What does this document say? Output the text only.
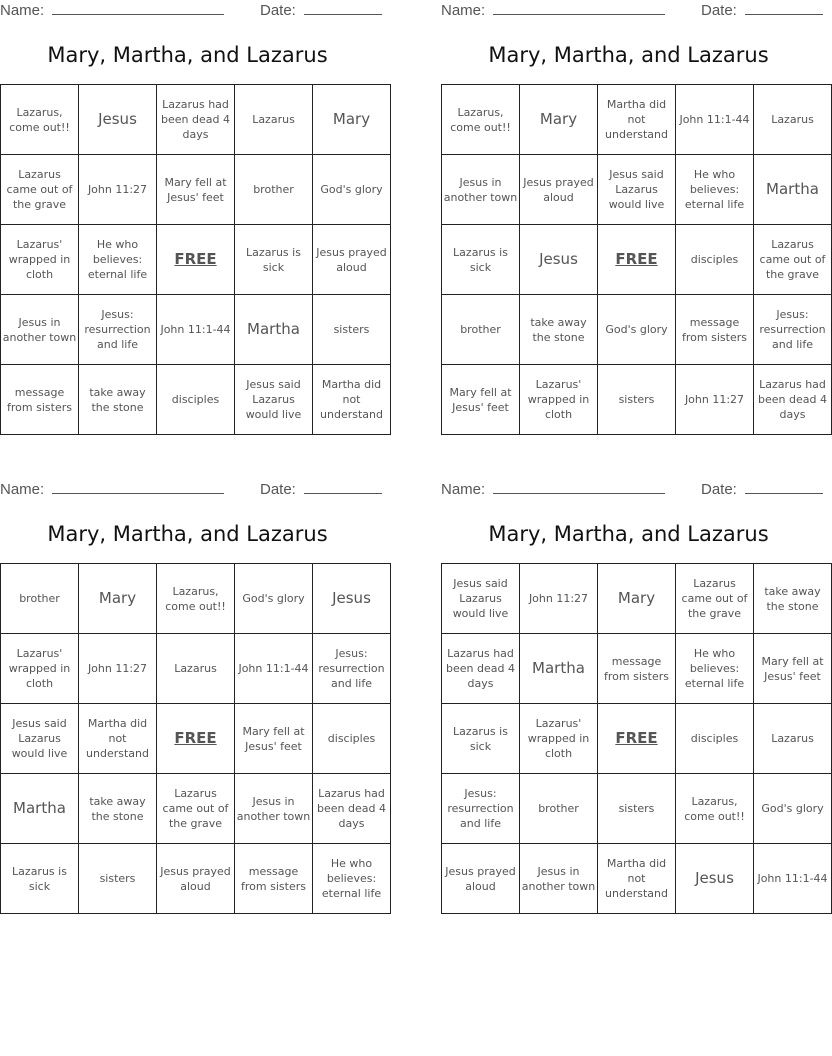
Name:	Date:
Mary, Martha, and Lazarus
Lazarus, come out!!	Jesus	Lazarus had been dead 4 days	Lazarus	Mary
Lazarus came out of the grave	John 11:27	Mary fell at Jesus' feet	brother	God's glory
Lazarus' wrapped in cloth	He who believes: eternal life	FREE	Lazarus is sick	Jesus prayed aloud
Jesus in another town	Jesus: resurrection and life	John 11:1-44	Martha	sisters
message from sisters	take away the stone	disciples	Jesus said Lazarus would live	Martha did not understand
Name:	Date:
Mary, Martha, and Lazarus
Lazarus, come out!!	Mary	Martha did not understand	John 11:1-44	Lazarus
Jesus in another town	Jesus prayed aloud	Jesus said Lazarus would live	He who believes: eternal life	Martha
Lazarus is sick	Jesus	FREE	disciples	Lazarus came out of the grave
brother	take away the stone	God's glory	message from sisters	Jesus: resurrection and life
Mary fell at Jesus' feet	Lazarus' wrapped in cloth	sisters	John 11:27	Lazarus had been dead 4 days
Name:	Date:
Mary, Martha, and Lazarus
brother	Mary	Lazarus, come out!!	God's glory	Jesus
Lazarus' wrapped in cloth	John 11:27	Lazarus	John 11:1-44	Jesus: resurrection and life
Jesus said Lazarus would live	Martha did not understand	FREE	Mary fell at Jesus' feet	disciples
Martha	take away the stone	Lazarus came out of the grave	Jesus in another town	Lazarus had been dead 4 days
Lazarus is sick	sisters	Jesus prayed aloud	message from sisters	He who believes: eternal life
Name:	Date:
Mary, Martha, and Lazarus
Jesus said Lazarus would live	John 11:27	Mary	Lazarus came out of the grave	take away the stone
Lazarus had been dead 4 days	Martha	message from sisters	He who believes: eternal life	Mary fell at Jesus' feet
Lazarus is sick	Lazarus' wrapped in cloth	FREE	disciples	Lazarus
Jesus: resurrection and life	brother	sisters	Lazarus, come out!!	God's glory
Jesus prayed aloud	Jesus in another town	Martha did not understand	Jesus	John 11:1-44
